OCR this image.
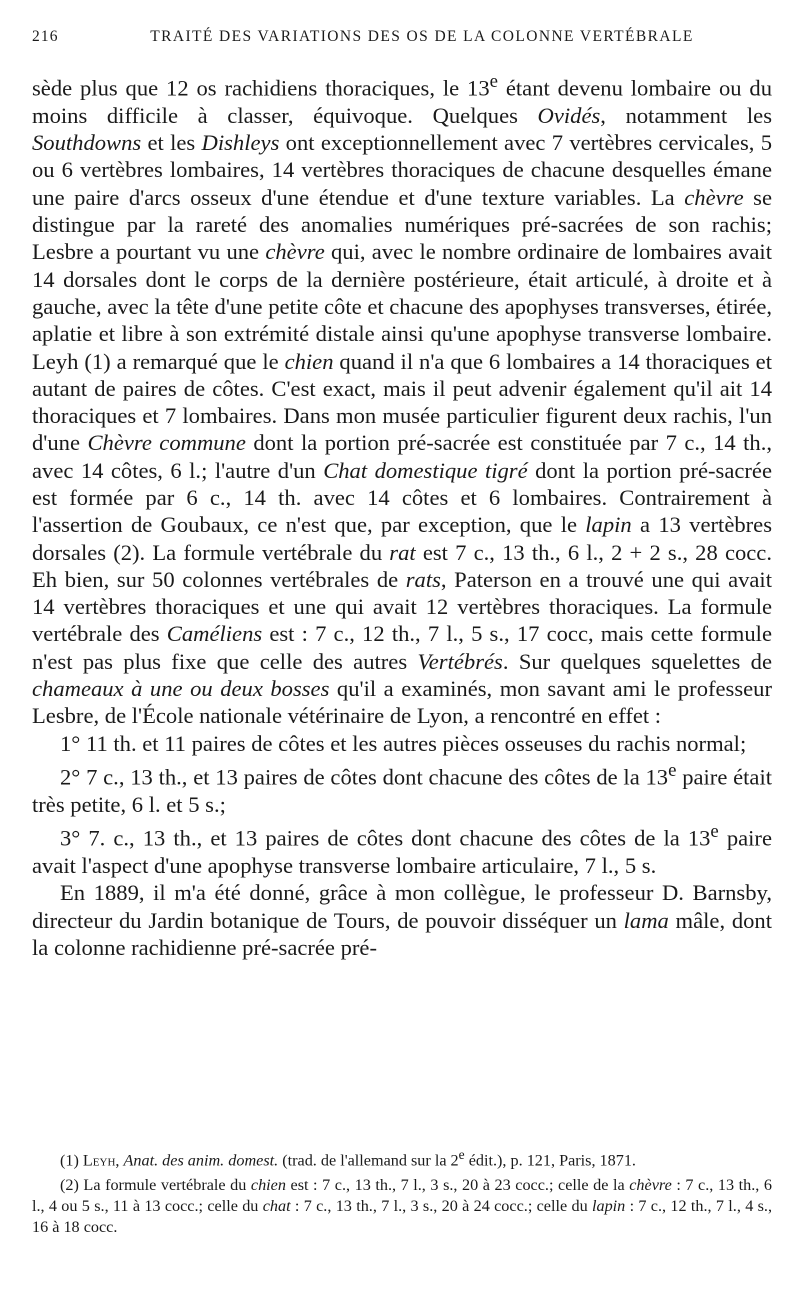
216	TRAITÉ DES VARIATIONS DES OS DE LA COLONNE VERTÉBRALE

sède plus que 12 os rachidiens thoraciques, le 13e étant devenu lombaire ou du moins difficile à classer, équivoque. Quelques Ovidés, notamment les Southdowns et les Dishleys ont exceptionnellement avec 7 vertèbres cervicales, 5 ou 6 vertèbres lombaires, 14 vertèbres thoraciques de chacune desquelles émane une paire d'arcs osseux d'une étendue et d'une texture variables. La chèvre se distingue par la rareté des anomalies numériques pré-sacrées de son rachis; Lesbre a pourtant vu une chèvre qui, avec le nombre ordinaire de lombaires avait 14 dorsales dont le corps de la dernière postérieure, était articulé, à droite et à gauche, avec la tête d'une petite côte et chacune des apophyses transverses, étirée, aplatie et libre à son extrémité distale ainsi qu'une apophyse transverse lombaire. Leyh (1) a remarqué que le chien quand il n'a que 6 lombaires a 14 thoraciques et autant de paires de côtes. C'est exact, mais il peut advenir également qu'il ait 14 thoraciques et 7 lombaires. Dans mon musée particulier figurent deux rachis, l'un d'une Chèvre commune dont la portion pré-sacrée est constituée par 7 c., 14 th., avec 14 côtes, 6 l.; l'autre d'un Chat domestique tigré dont la portion pré-sacrée est formée par 6 c., 14 th. avec 14 côtes et 6 lombaires. Contrairement à l'assertion de Goubaux, ce n'est que, par exception, que le lapin a 13 vertèbres dorsales (2). La formule vertébrale du rat est 7 c., 13 th., 6 l., 2 + 2 s., 28 cocc. Eh bien, sur 50 colonnes vertébrales de rats, Paterson en a trouvé une qui avait 14 vertèbres thoraciques et une qui avait 12 vertèbres thoraciques. La formule vertébrale des Caméliens est : 7 c., 12 th., 7 l., 5 s., 17 cocc, mais cette formule n'est pas plus fixe que celle des autres Vertébrés. Sur quelques squelettes de chameaux à une ou deux bosses qu'il a examinés, mon savant ami le professeur Lesbre, de l'École nationale vétérinaire de Lyon, a rencontré en effet :

1° 11 th. et 11 paires de côtes et les autres pièces osseuses du rachis normal;

2° 7 c., 13 th., et 13 paires de côtes dont chacune des côtes de la 13e paire était très petite, 6 l. et 5 s.;

3° 7. c., 13 th., et 13 paires de côtes dont chacune des côtes de la 13e paire avait l'aspect d'une apophyse transverse lombaire articulaire, 7 l., 5 s.

En 1889, il m'a été donné, grâce à mon collègue, le professeur D. Barnsby, directeur du Jardin botanique de Tours, de pouvoir disséquer un lama mâle, dont la colonne rachidienne pré-sacrée pré-

(1) Leyh, Anat. des anim. domest. (trad. de l'allemand sur la 2e édit.), p. 121, Paris, 1871.

(2) La formule vertébrale du chien est : 7 c., 13 th., 7 l., 3 s., 20 à 23 cocc.; celle de la chèvre : 7 c., 13 th., 6 l., 4 ou 5 s., 11 à 13 cocc.; celle du chat : 7 c., 13 th., 7 l., 3 s., 20 à 24 cocc.; celle du lapin : 7 c., 12 th., 7 l., 4 s., 16 à 18 cocc.
